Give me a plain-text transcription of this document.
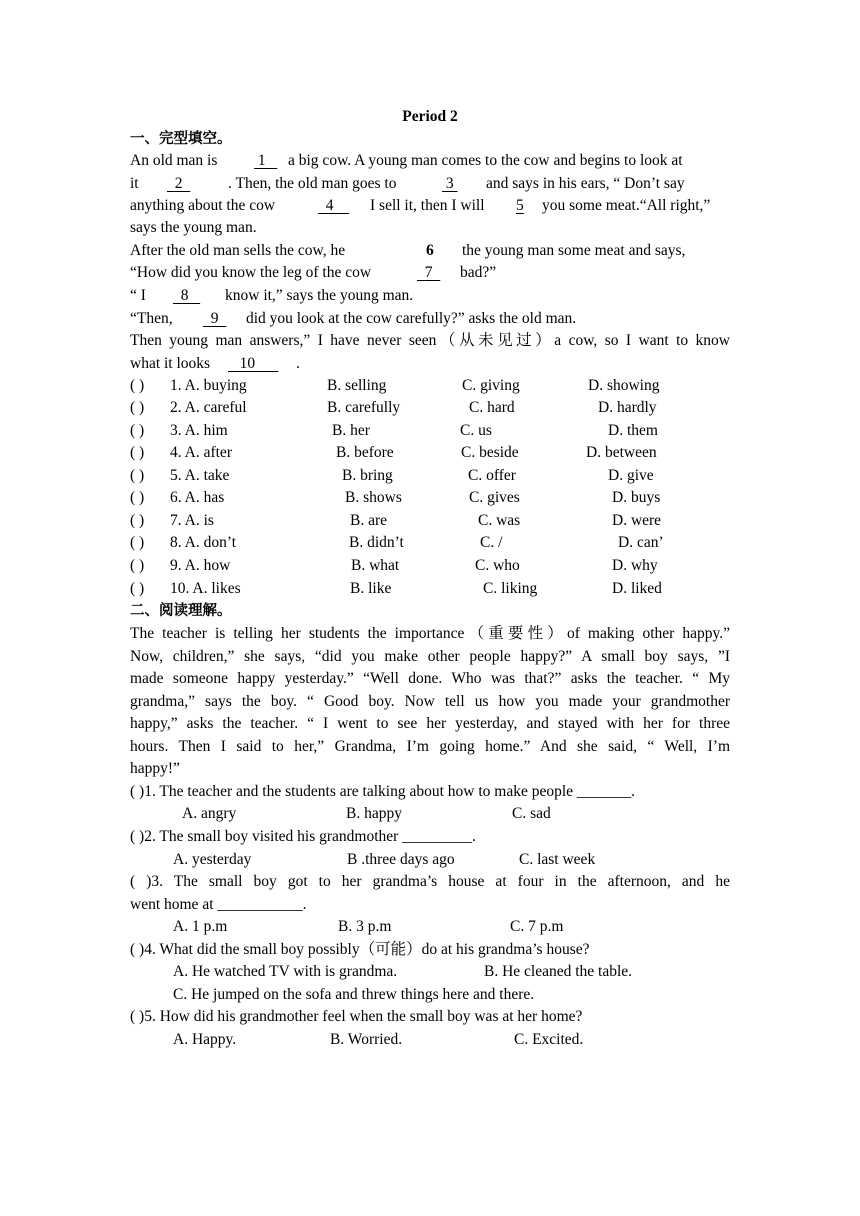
Period 2
一、完型填空。
An old man is	1	a big cow. A young man comes to the cow and begins to look at
it	2	. Then, the old man goes to	3 and says in his ears, “ Don’t say
anything about the cow	4	I sell it, then I will 5 you some meat.“All right,”
says the young man.
After the old man sells the cow, he	6 the young man some meat and says,
“How did you know the leg of the cow	7	bad?”
“ I	8	know it,” says the young man.
“Then,	9	did you look at the cow carefully?” asks the old man.
Then young man answers,” I have never seen（从未见过）a cow, so I want to know
what it looks	10	.
( ) 1. A. buying	B. selling	C. giving	D. showing
( ) 2. A. careful	B. carefully	C. hard	D. hardly
( ) 3. A. him	B. her	C. us	D. them
( ) 4. A. after	B. before	C. beside	D. between
( ) 5. A. take	B. bring	C. offer	D. give
( ) 6. A. has	B. shows	C. gives	D. buys
( ) 7. A. is	B. are	C. was	D. were
( ) 8. A. don’t	B. didn’t	C. /	D. can’
( ) 9. A. how	B. what	C. who	D. why
( ) 10. A. likes	B. like	C. liking	D. liked
二、阅读理解。
The teacher is telling her students the importance（重要性）of making other happy.”
Now, children,” she says, “did you make other people happy?” A small boy says, ”I
made someone happy yesterday.” “Well done. Who was that?” asks the teacher. “ My
grandma,” says the boy. “ Good boy. Now tell us how you made your grandmother
happy,” asks the teacher. “ I went to see her yesterday, and stayed with her for three
hours. Then I said to her,” Grandma, I’m going home.” And she said, “ Well, I’m
happy!”
( )1. The teacher and the students are talking about how to make people _______.
A. angry	B. happy	C. sad
( )2. The small boy visited his grandmother _________.
A. yesterday	B .three days ago	C. last week
( )3. The small boy got to her grandma’s house at four in the afternoon, and he
went home at ___________.
A. 1 p.m	B. 3 p.m	C. 7 p.m
( )4. What did the small boy possibly（可能）do at his grandma’s house?
A. He watched TV with is grandma.	B. He cleaned the table.
C. He jumped on the sofa and threw things here and there.
( )5. How did his grandmother feel when the small boy was at her home?
A. Happy.	B. Worried.	C. Excited.
